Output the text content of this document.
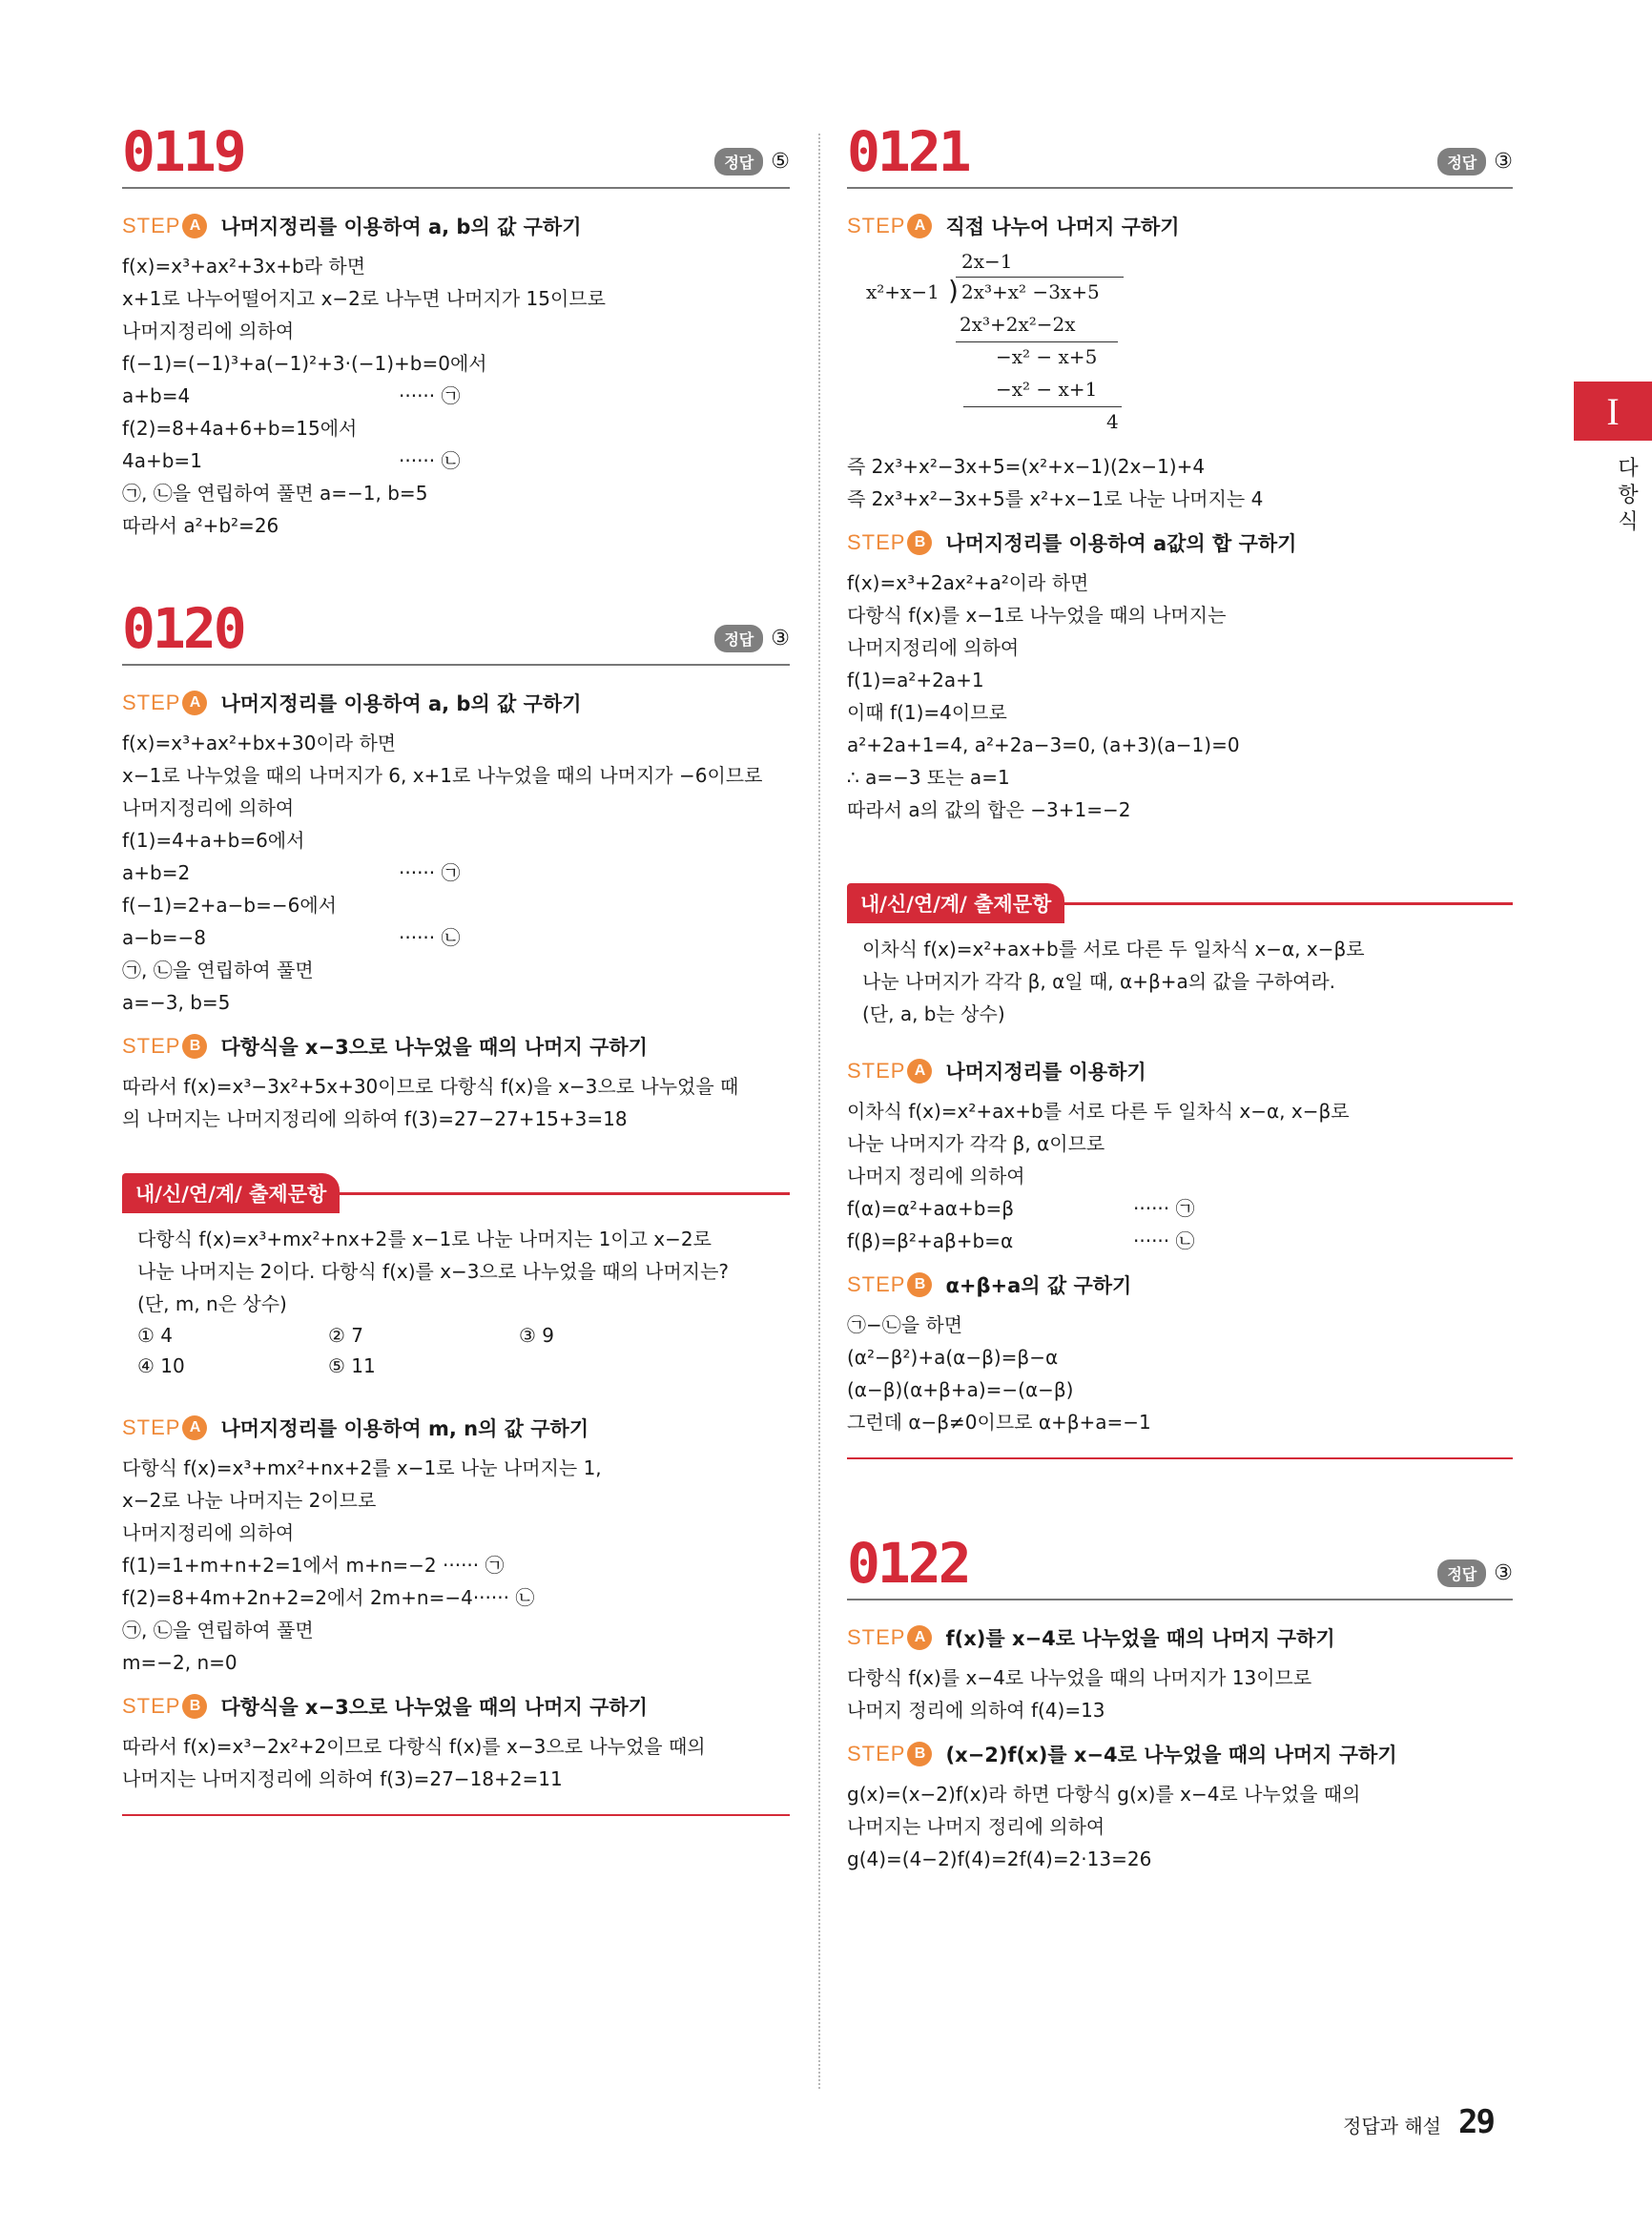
0119	정답 ⑤
STEP A	나머지정리를 이용하여 a, b의 값 구하기
f(x)=x³+ax²+3x+b라 하면
x+1로 나누어떨어지고 x−2로 나누면 나머지가 15이므로
나머지정리에 의하여
f(−1)=(−1)³+a(−1)²+3·(−1)+b=0에서
a+b=4	······ ㉠
f(2)=8+4a+6+b=15에서
4a+b=1	······ ㉡
㉠, ㉡을 연립하여 풀면 a=−1, b=5
따라서 a²+b²=26
0120	정답 ③
STEP A	나머지정리를 이용하여 a, b의 값 구하기
f(x)=x³+ax²+bx+30이라 하면
x−1로 나누었을 때의 나머지가 6, x+1로 나누었을 때의 나머지가 −6이므로
나머지정리에 의하여
f(1)=4+a+b=6에서
a+b=2	······ ㉠
f(−1)=2+a−b=−6에서
a−b=−8	······ ㉡
㉠, ㉡을 연립하여 풀면
a=−3, b=5
STEP B	다항식을 x−3으로 나누었을 때의 나머지 구하기
따라서 f(x)=x³−3x²+5x+30이므로 다항식 f(x)을 x−3으로 나누었을 때
의 나머지는 나머지정리에 의하여 f(3)=27−27+15+3=18
내/신/연/계/ 출제문항
다항식 f(x)=x³+mx²+nx+2를 x−1로 나눈 나머지는 1이고 x−2로
나눈 나머지는 2이다. 다항식 f(x)를 x−3으로 나누었을 때의 나머지는?
(단, m, n은 상수)
① 4	② 7	③ 9
④ 10	⑤ 11
STEP A	나머지정리를 이용하여 m, n의 값 구하기
다항식 f(x)=x³+mx²+nx+2를 x−1로 나눈 나머지는 1,
x−2로 나눈 나머지는 2이므로
나머지정리에 의하여
f(1)=1+m+n+2=1에서 m+n=−2 ······ ㉠
f(2)=8+4m+2n+2=2에서 2m+n=−4······ ㉡
㉠, ㉡을 연립하여 풀면
m=−2, n=0
STEP B	다항식을 x−3으로 나누었을 때의 나머지 구하기
따라서 f(x)=x³−2x²+2이므로 다항식 f(x)를 x−3으로 나누었을 때의
나머지는 나머지정리에 의하여 f(3)=27−18+2=11
0121	정답 ③
STEP A	직접 나누어 나머지 구하기
2x−1
x²+x−1 ) 2x³+x² −3x+5
2x³+2x²−2x
−x² − x+5
−x² − x+1
4
즉 2x³+x²−3x+5=(x²+x−1)(2x−1)+4
즉 2x³+x²−3x+5를 x²+x−1로 나눈 나머지는 4
STEP B	나머지정리를 이용하여 a값의 합 구하기
f(x)=x³+2ax²+a²이라 하면
다항식 f(x)를 x−1로 나누었을 때의 나머지는
나머지정리에 의하여
f(1)=a²+2a+1
이때 f(1)=4이므로
a²+2a+1=4, a²+2a−3=0, (a+3)(a−1)=0
∴ a=−3 또는 a=1
따라서 a의 값의 합은 −3+1=−2
내/신/연/계/ 출제문항
이차식 f(x)=x²+ax+b를 서로 다른 두 일차식 x−α, x−β로
나눈 나머지가 각각 β, α일 때, α+β+a의 값을 구하여라.
(단, a, b는 상수)
STEP A	나머지정리를 이용하기
이차식 f(x)=x²+ax+b를 서로 다른 두 일차식 x−α, x−β로
나눈 나머지가 각각 β, α이므로
나머지 정리에 의하여
f(α)=α²+aα+b=β	······ ㉠
f(β)=β²+aβ+b=α	······ ㉡
STEP B	α+β+a의 값 구하기
㉠−㉡을 하면
(α²−β²)+a(α−β)=β−α
(α−β)(α+β+a)=−(α−β)
그런데 α−β≠0이므로 α+β+a=−1
0122	정답 ③
STEP A	f(x)를 x−4로 나누었을 때의 나머지 구하기
다항식 f(x)를 x−4로 나누었을 때의 나머지가 13이므로
나머지 정리에 의하여 f(4)=13
STEP B	(x−2)f(x)를 x−4로 나누었을 때의 나머지 구하기
g(x)=(x−2)f(x)라 하면 다항식 g(x)를 x−4로 나누었을 때의
나머지는 나머지 정리에 의하여
g(4)=(4−2)f(4)=2f(4)=2·13=26
I
다항식
정답과 해설 29
